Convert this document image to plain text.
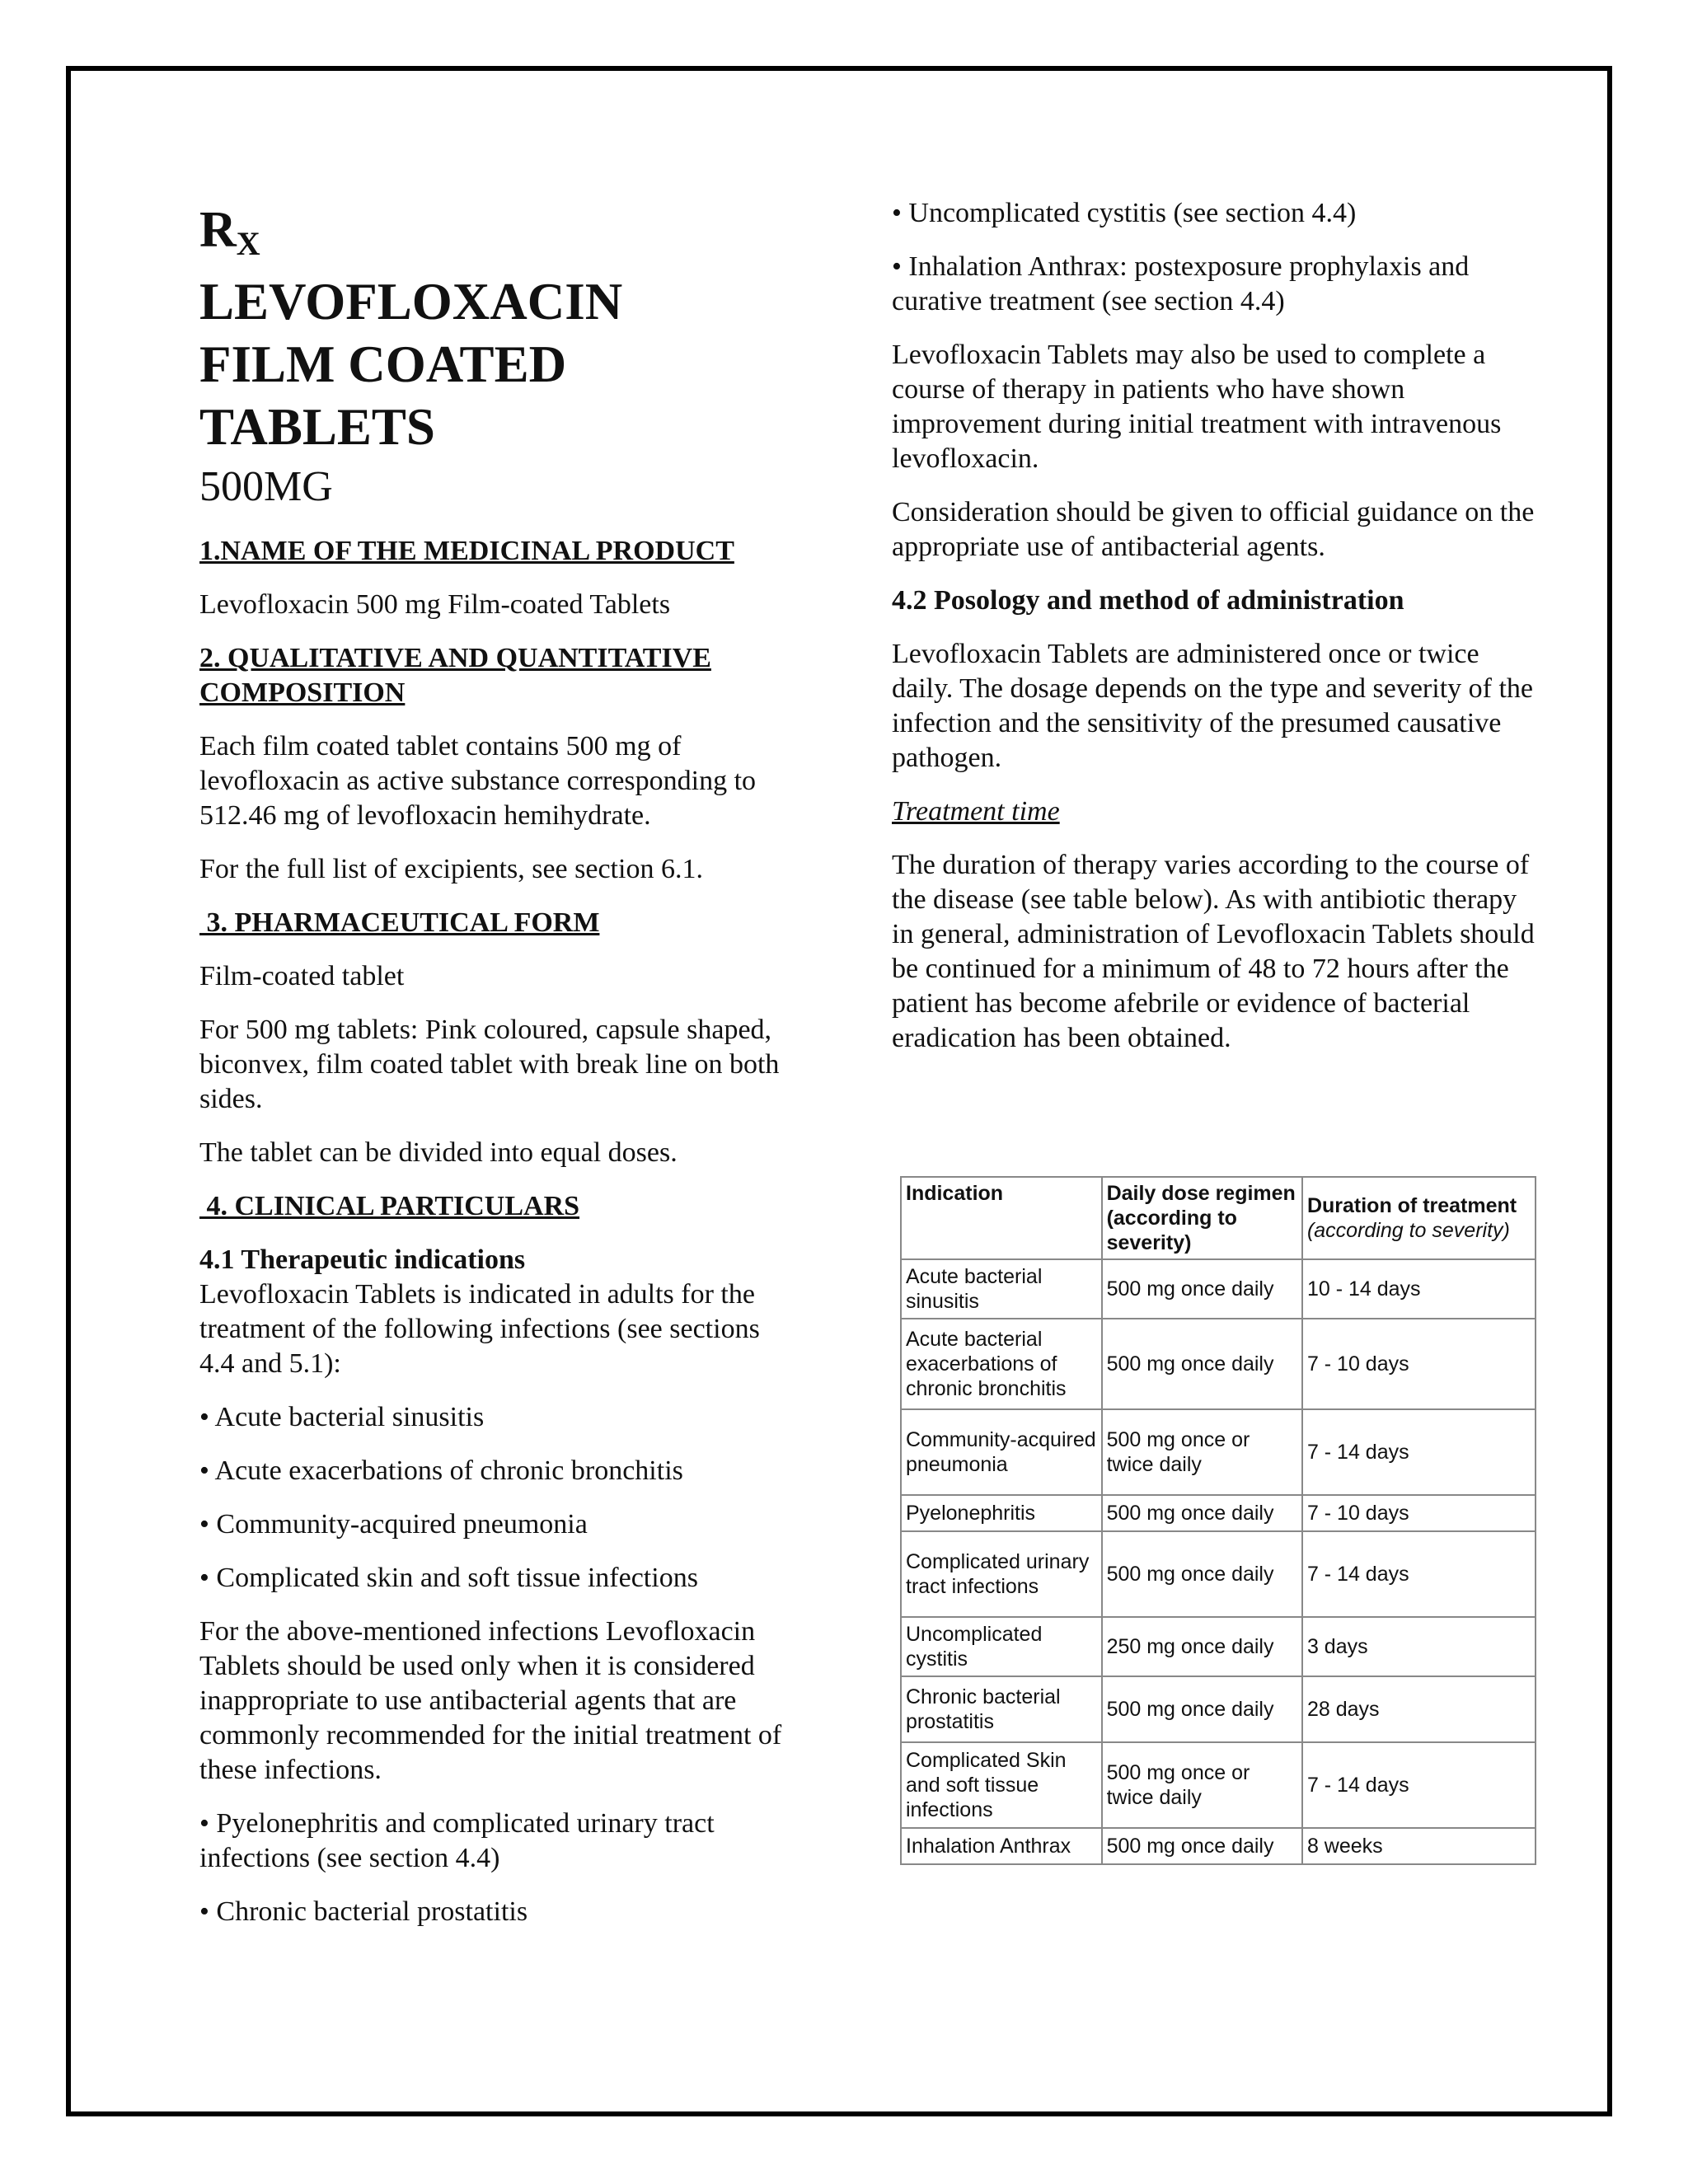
$R_X$
LEVOFLOXACIN
FILM COATED
TABLETS
500MG
1.NAME OF THE MEDICINAL PRODUCT

Levofloxacin 500 mg Film-coated Tablets

2. QUALITATIVE AND QUANTITATIVE COMPOSITION

Each film coated tablet contains 500 mg of levofloxacin as active substance corresponding to 512.46 mg of levofloxacin hemihydrate.

For the full list of excipients, see section 6.1.

3. PHARMACEUTICAL FORM

Film-coated tablet

For 500 mg tablets: Pink coloured, capsule shaped, biconvex, film coated tablet with break line on both sides.

The tablet can be divided into equal doses.

4. CLINICAL PARTICULARS
4.1 Therapeutic indications

Levofloxacin Tablets is indicated in adults for the treatment of the following infections (see sections 4.4 and 5.1):

• Acute bacterial sinusitis

• Acute exacerbations of chronic bronchitis

• Community-acquired pneumonia

• Complicated skin and soft tissue infections

For the above-mentioned infections Levofloxacin Tablets should be used only when it is considered inappropriate to use antibacterial agents that are commonly recommended for the initial treatment of these infections.

• Pyelonephritis and complicated urinary tract infections (see section 4.4)

• Chronic bacterial prostatitis

• Uncomplicated cystitis (see section 4.4)

• Inhalation Anthrax: postexposure prophylaxis and curative treatment (see section 4.4)

Levofloxacin Tablets may also be used to complete a course of therapy in patients who have shown improvement during initial treatment with intravenous levofloxacin.

Consideration should be given to official guidance on the appropriate use of antibacterial agents.

4.2 Posology and method of administration

Levofloxacin Tablets are administered once or twice daily. The dosage depends on the type and severity of the infection and the sensitivity of the presumed causative pathogen.

Treatment time

The duration of therapy varies according to the course of the disease (see table below). As with antibiotic therapy in general, administration of Levofloxacin Tablets should be continued for a minimum of 48 to 72 hours after the patient has become afebrile or evidence of bacterial eradication has been obtained.

Indication	Daily dose regimen (according to severity)	Duration of treatment (according to severity)
Acute bacterial sinusitis	500 mg once daily	10 - 14 days
Acute bacterial exacerbations of chronic bronchitis	500 mg once daily	7 - 10 days
Community-acquired pneumonia	500 mg once or twice daily	7 - 14 days
Pyelonephritis	500 mg once daily	7 - 10 days
Complicated urinary tract infections	500 mg once daily	7 - 14 days
Uncomplicated cystitis	250 mg once daily	3 days
Chronic bacterial prostatitis	500 mg once daily	28 days
Complicated Skin and soft tissue infections	500 mg once or twice daily	7 - 14 days
Inhalation Anthrax	500 mg once daily	8 weeks
